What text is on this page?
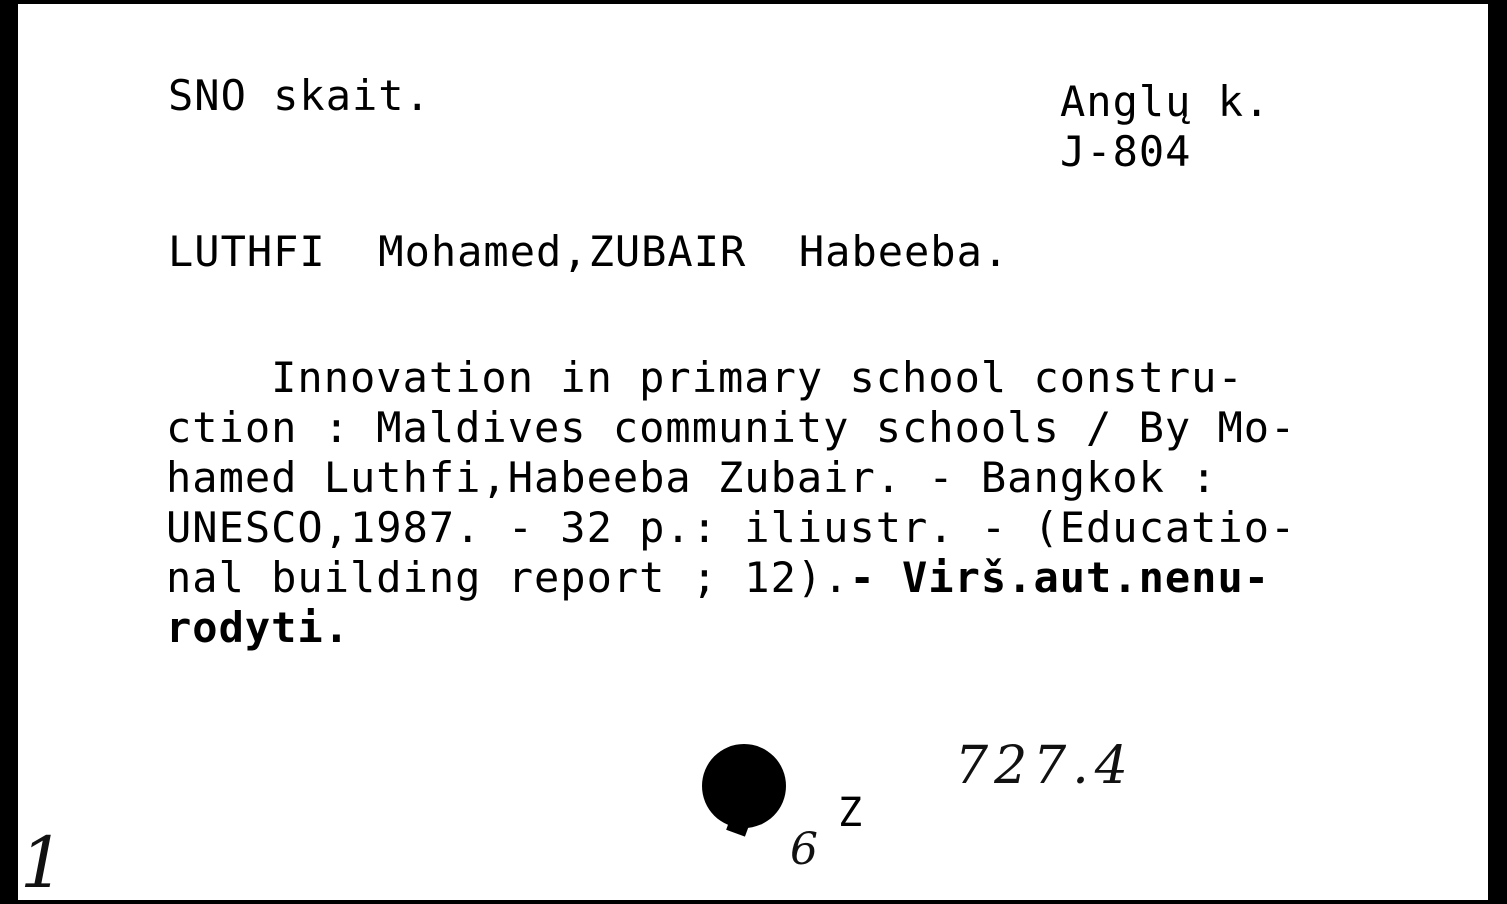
SNO skait.	Anglų k.
J-804
LUTHFI  Mohamed,ZUBAIR  Habeeba.
Innovation in primary school constru-
ction : Maldives community schools / By Mo-
hamed Luthfi,Habeeba Zubair. - Bangkok :
UNESCO,1987. - 32 p.: iliustr. - (Educatio-
nal building report ; 12).- Virš.aut.nenu-
rodyti.
Z
6
727.4
1
